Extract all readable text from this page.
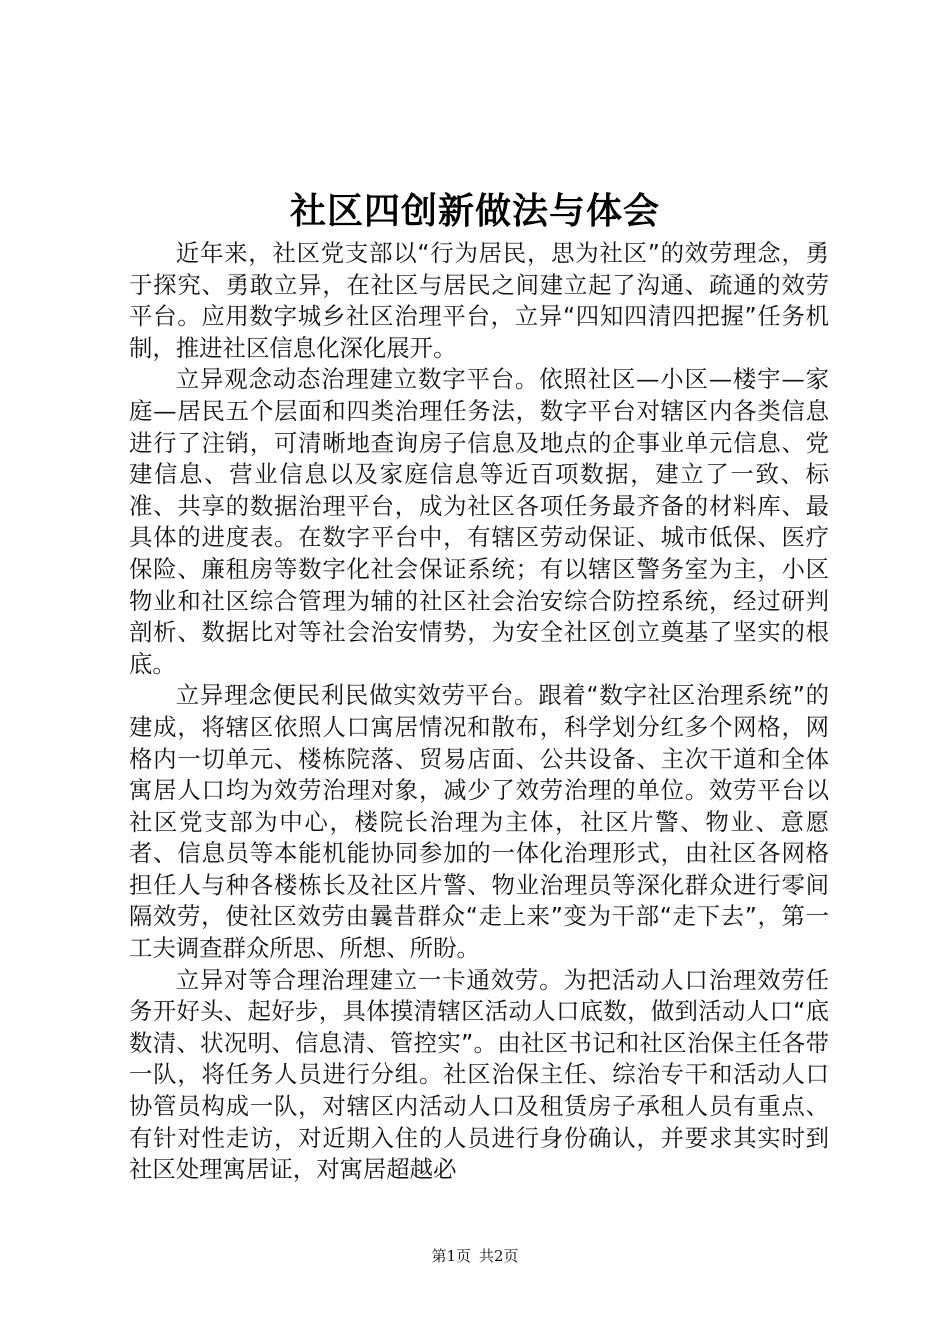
社区四创新做法与体会

近年来，社区党支部以“行为居民，思为社区”的效劳理念，勇于探究、勇敢立异，在社区与居民之间建立起了沟通、疏通的效劳平台。应用数字城乡社区治理平台，立异“四知四清四把握”任务机制，推进社区信息化深化展开。

立异观念动态治理建立数字平台。依照社区—小区—楼宇—家庭—居民五个层面和四类治理任务法，数字平台对辖区内各类信息进行了注销，可清晰地查询房子信息及地点的企事业单元信息、党建信息、营业信息以及家庭信息等近百项数据，建立了一致、标准、共享的数据治理平台，成为社区各项任务最齐备的材料库、最具体的进度表。在数字平台中，有辖区劳动保证、城市低保、医疗保险、廉租房等数字化社会保证系统；有以辖区警务室为主，小区物业和社区综合管理为辅的社区社会治安综合防控系统，经过研判剖析、数据比对等社会治安情势，为安全社区创立奠基了坚实的根底。

立异理念便民利民做实效劳平台。跟着“数字社区治理系统”的建成，将辖区依照人口寓居情况和散布，科学划分红多个网格，网格内一切单元、楼栋院落、贸易店面、公共设备、主次干道和全体寓居人口均为效劳治理对象，减少了效劳治理的单位。效劳平台以社区党支部为中心，楼院长治理为主体，社区片警、物业、意愿者、信息员等本能机能协同参加的一体化治理形式，由社区各网格担任人与种各楼栋长及社区片警、物业治理员等深化群众进行零间隔效劳，使社区效劳由曩昔群众“走上来”变为干部“走下去”，第一工夫调查群众所思、所想、所盼。

立异对等合理治理建立一卡通效劳。为把活动人口治理效劳任务开好头、起好步，具体摸清辖区活动人口底数，做到活动人口“底数清、状况明、信息清、管控实”。由社区书记和社区治保主任各带一队，将任务人员进行分组。社区治保主任、综治专干和活动人口协管员构成一队，对辖区内活动人口及租赁房子承租人员有重点、有针对性走访，对近期入住的人员进行身份确认，并要求其实时到社区处理寓居证，对寓居超越必

第1页 共2页
